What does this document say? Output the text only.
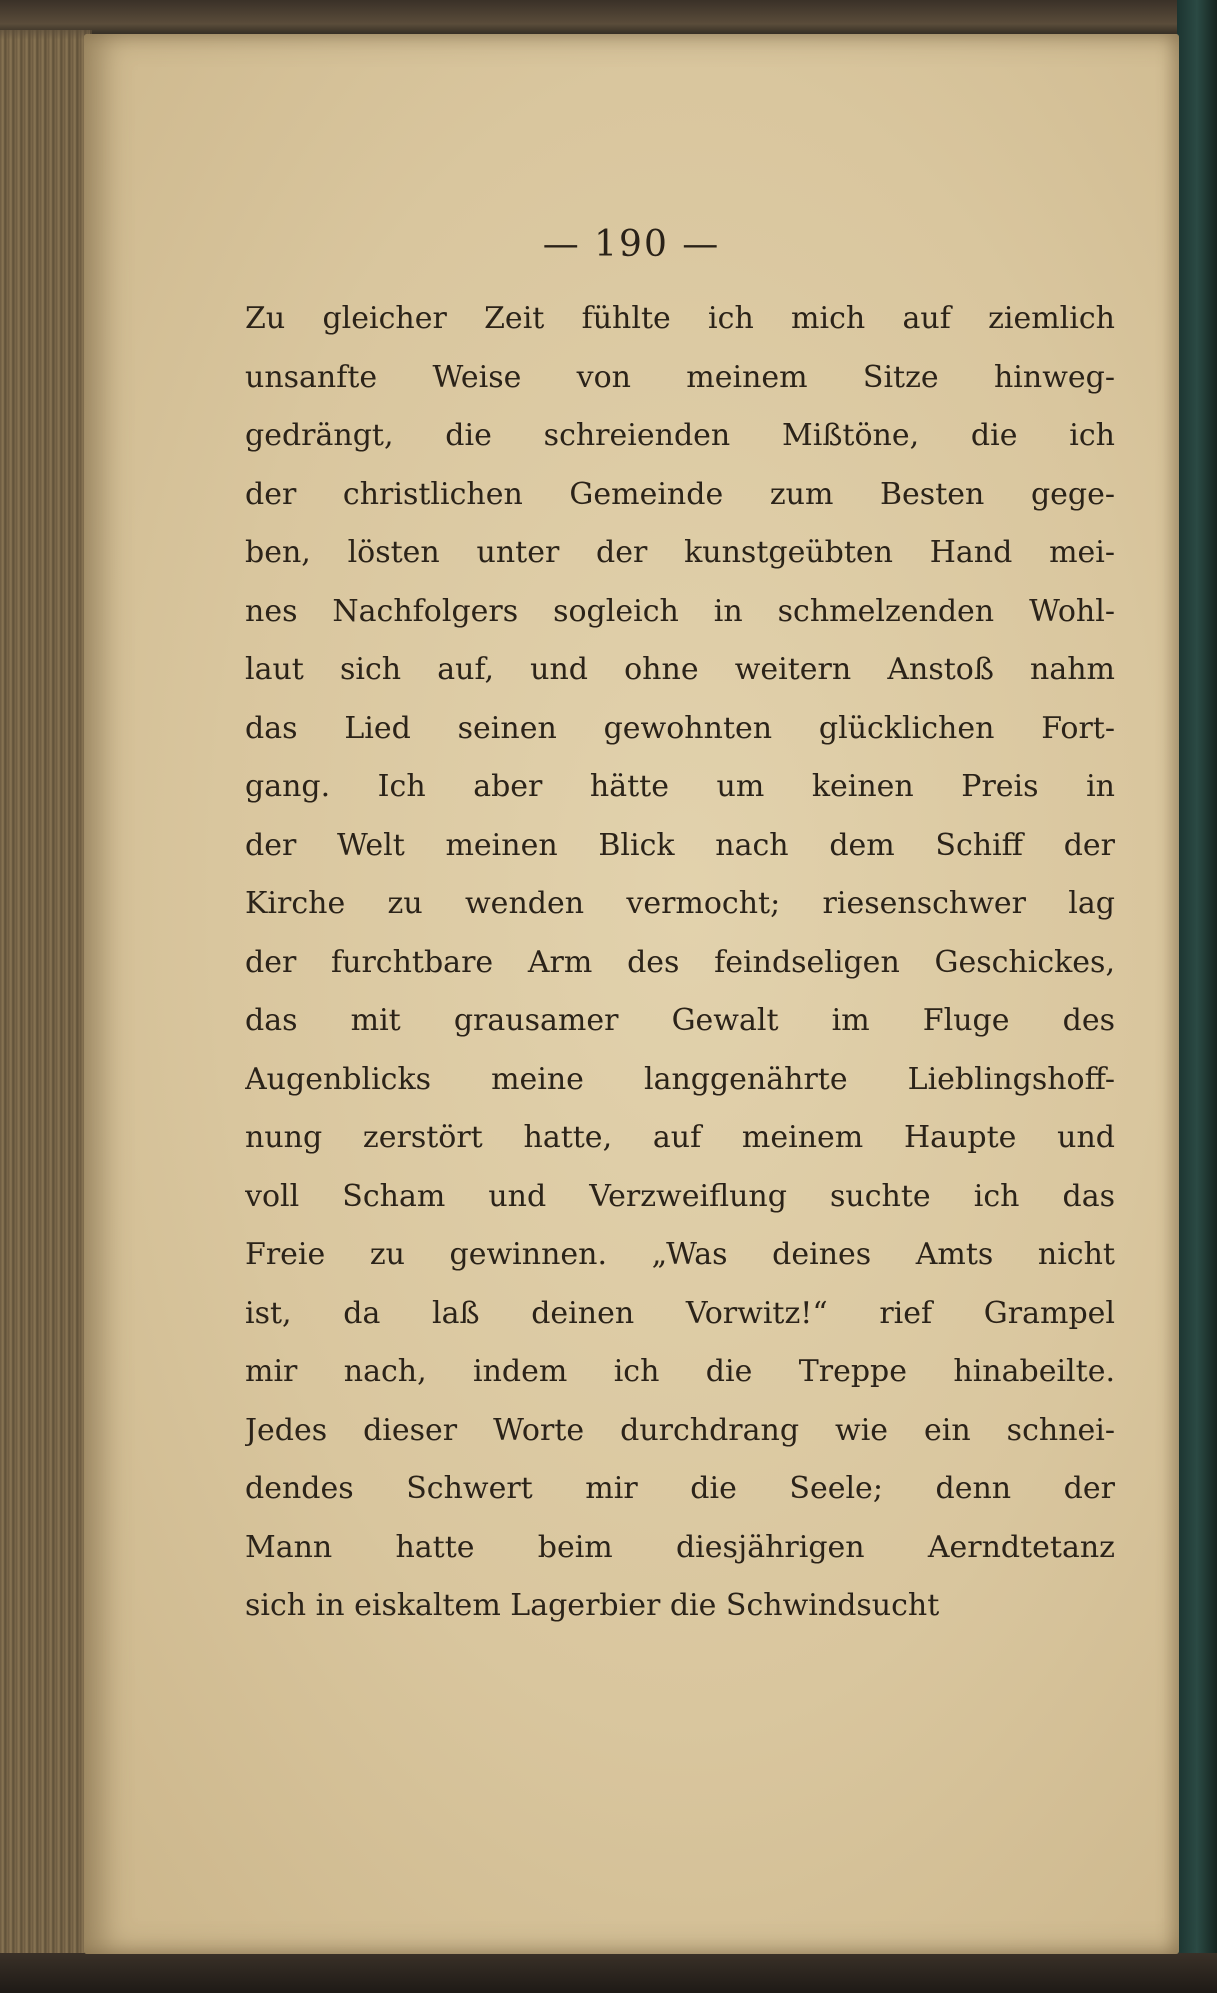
— 190 —
Zu gleicher Zeit fühlte ich mich auf ziemlich
unsanfte Weise von meinem Sitze hinweg-
gedrängt, die schreienden Mißtöne, die ich
der christlichen Gemeinde zum Besten gege-
ben, lösten unter der kunstgeübten Hand mei-
nes Nachfolgers sogleich in schmelzenden Wohl-
laut sich auf, und ohne weitern Anstoß nahm
das Lied seinen gewohnten glücklichen Fort-
gang. Ich aber hätte um keinen Preis in
der Welt meinen Blick nach dem Schiff der
Kirche zu wenden vermocht; riesenschwer lag
der furchtbare Arm des feindseligen Geschickes,
das mit grausamer Gewalt im Fluge des
Augenblicks meine langgenährte Lieblingshoff-
nung zerstört hatte, auf meinem Haupte und
voll Scham und Verzweiflung suchte ich das
Freie zu gewinnen. „Was deines Amts nicht
ist, da laß deinen Vorwitz!“ rief Grampel
mir nach, indem ich die Treppe hinabeilte.
Jedes dieser Worte durchdrang wie ein schnei-
dendes Schwert mir die Seele; denn der
Mann hatte beim diesjährigen Aerndtetanz
sich in eiskaltem Lagerbier die Schwindsucht
